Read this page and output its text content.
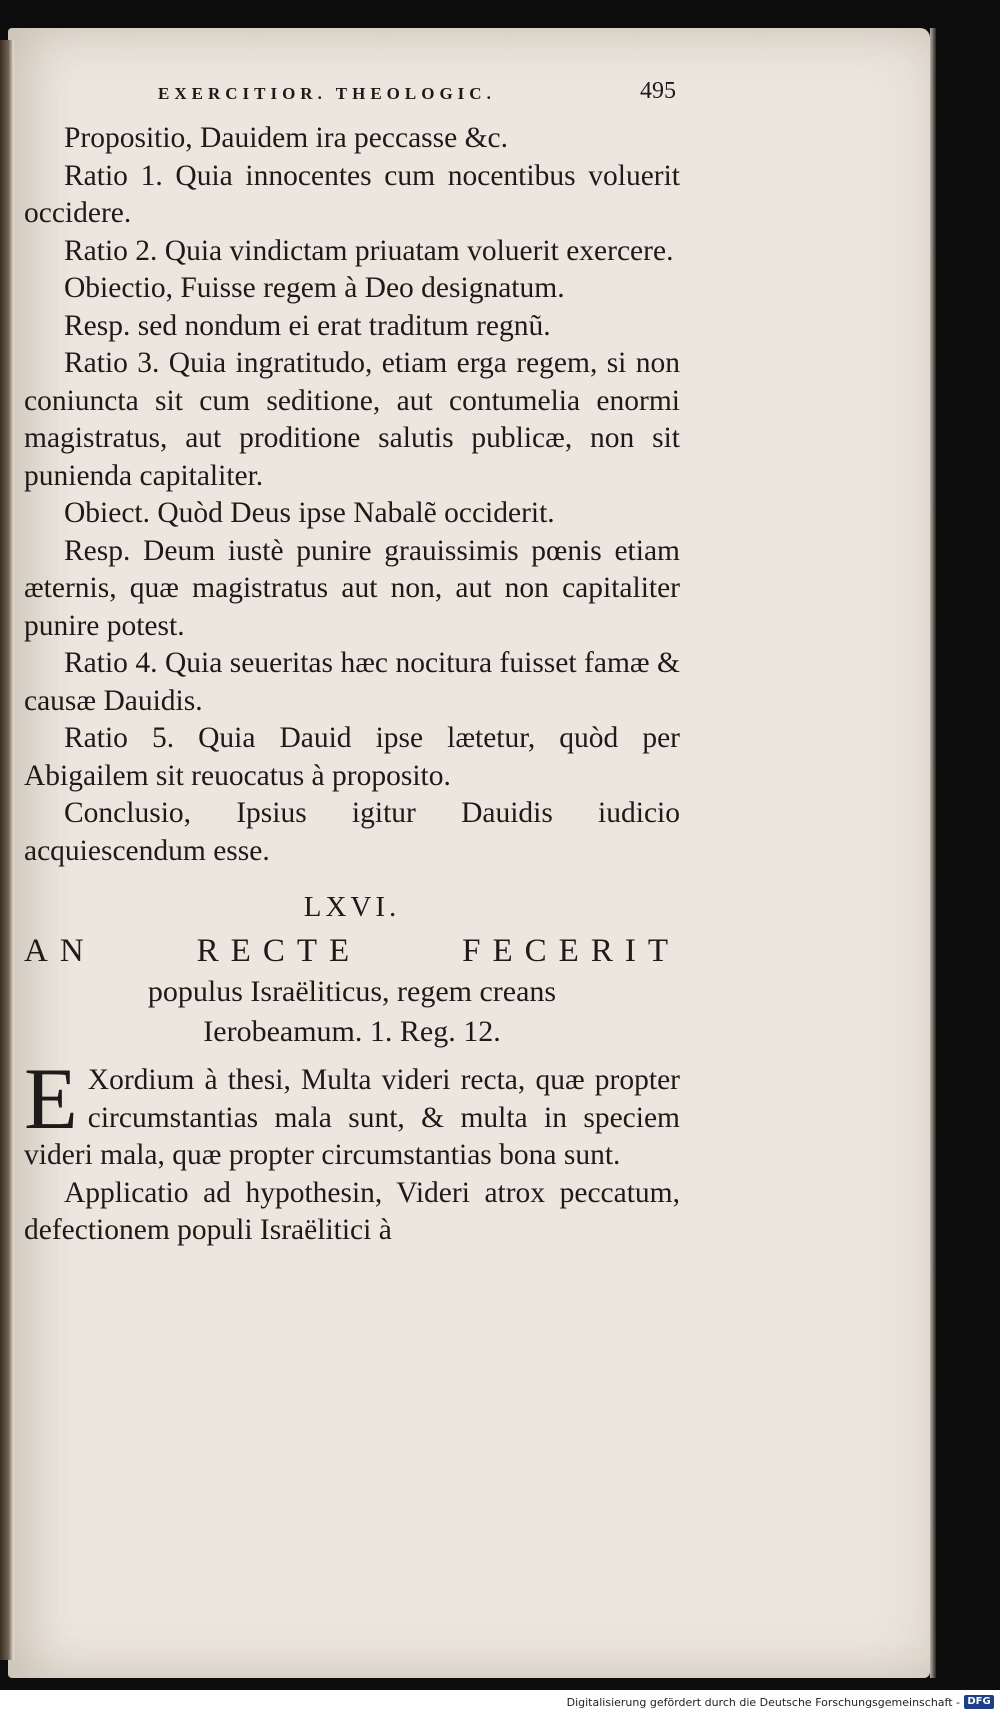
EXERCITIOR. THEOLOGIC.	495

Propositio, Dauidem ira peccasse &c.

Ratio 1. Quia innocentes cum nocentibus voluerit occidere.

Ratio 2. Quia vindictam priuatam voluerit exercere.

Obiectio, Fuisse regem à Deo designatum.

Resp. sed nondum ei erat traditum regnũ.

Ratio 3. Quia ingratitudo, etiam erga regem, si non coniuncta sit cum seditione, aut contumelia enormi magistratus, aut proditione salutis publicæ, non sit punienda capitaliter.

Obiect. Quòd Deus ipse Nabalẽ occiderit.

Resp. Deum iustè punire grauissimis pœnis etiam æternis, quæ magistratus aut non, aut non capitaliter punire potest.

Ratio 4. Quia seueritas hæc nocitura fuisset famæ & causæ Dauidis.

Ratio 5. Quia Dauid ipse lætetur, quòd per Abigailem sit reuocatus à proposito.

Conclusio, Ipsius igitur Dauidis iudicio acquiescendum esse.

LXVI.

AN RECTE FECERIT

populus Israëliticus, regem creans

Ierobeamum. 1. Reg. 12.

E Xordium à thesi, Multa videri recta, quæ propter circumstantias mala sunt, & multa in speciem videri mala, quæ propter circumstantias bona sunt.

Applicatio ad hypothesin, Videri atrox peccatum, defectionem populi Israëlitici à

Digitalisierung gefördert durch die Deutsche Forschungsgemeinschaft - DFG
